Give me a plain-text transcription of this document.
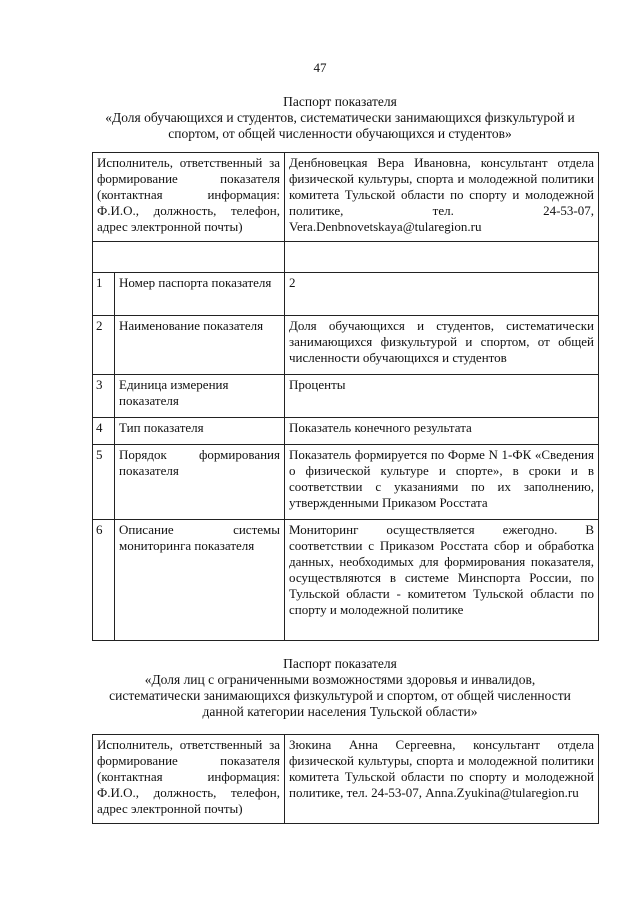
47
Паспорт показателя
«Доля обучающихся и студентов, систематически занимающихся физкультурой и
спортом, от общей численности обучающихся и студентов»
Исполнитель, ответственный за формирование показателя (контактная информация: Ф.И.О., должность, телефон, адрес электронной почты)		Денбновецкая Вера Ивановна, консультант отдела физической культуры, спорта и молодежной политики комитета Тульской области по спорту и молодежной политике, тел. 24-53-07, Vera.Denbnovetskaya@tularegion.ru

1	Номер паспорта показателя	2
2	Наименование показателя	Доля обучающихся и студентов, систематически занимающихся физкультурой и спортом, от общей численности обучающихся и студентов
3	Единица измерения показателя	Проценты
4	Тип показателя	Показатель конечного результата
5	Порядок формирования показателя	Показатель формируется по Форме N 1-ФК «Сведения о физической культуре и спорте», в сроки и в соответствии с указаниями по их заполнению, утвержденными Приказом Росстата
6	Описание системы мониторинга показателя	Мониторинг осуществляется ежегодно. В соответствии с Приказом Росстата сбор и обработка данных, необходимых для формирования показателя, осуществляются в системе Минспорта России, по Тульской области - комитетом Тульской области по спорту и молодежной политике
Паспорт показателя
«Доля лиц с ограниченными возможностями здоровья и инвалидов,
систематически занимающихся физкультурой и спортом, от общей численности
данной категории населения Тульской области»
Исполнитель, ответственный за формирование показателя (контактная информация: Ф.И.О., должность, телефон, адрес электронной почты)	Зюкина Анна Сергеевна, консультант отдела физической культуры, спорта и молодежной политики комитета Тульской области по спорту и молодежной политике, тел. 24-53-07, Anna.Zyukina@tularegion.ru
